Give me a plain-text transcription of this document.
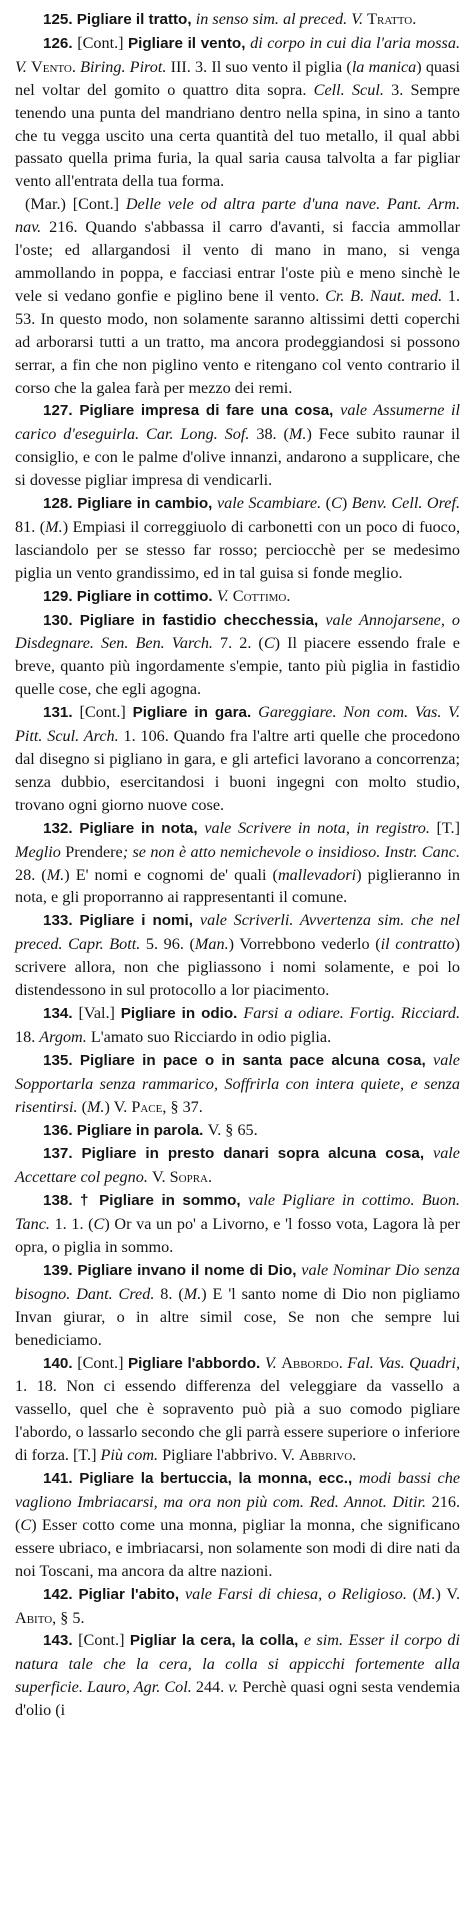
125. Pigliare il tratto, in senso sim. al preced. V. Tratto.

126. [Cont.] Pigliare il vento, di corpo in cui dia l'aria mossa. V. Vento. Biring. Pirot. III. 3. Il suo vento il piglia (la manica) quasi nel voltar del gomito o quattro dita sopra. Cell. Scul. 3. Sempre tenendo una punta del mandriano dentro nella spina, in sino a tanto che tu vegga uscito una certa quantità del tuo metallo, il qual abbi passato quella prima furia, la qual saria causa talvolta a far pigliar vento all'entrata della tua forma.

(Mar.) [Cont.] Delle vele od altra parte d'una nave. Pant. Arm. nav. 216. Quando s'abbassa il carro d'avanti, si faccia ammollar l'oste; ed allargandosi il vento di mano in mano, si venga ammollando in poppa, e facciasi entrar l'oste più e meno sinchè le vele si vedano gonfie e piglino bene il vento. Cr. B. Naut. med. 1. 53. In questo modo, non solamente saranno altissimi detti coperchi ad arborarsi tutti a un tratto, ma ancora prodeggiandosi si possono serrar, a fin che non piglino vento e ritengano col vento contrario il corso che la galea farà per mezzo dei remi.

127. Pigliare impresa di fare una cosa, vale Assumerne il carico d'eseguirla. Car. Long. Sof. 38. (M.) Fece subito raunar il consiglio, e con le palme d'olive innanzi, andarono a supplicare, che si dovesse pigliar impresa di vendicarli.

128. Pigliare in cambio, vale Scambiare. (C) Benv. Cell. Oref. 81. (M.) Empiasi il correggiuolo di carbonetti con un poco di fuoco, lasciandolo per se stesso far rosso; perciocchè per se medesimo piglia un vento grandissimo, ed in tal guisa si fonde meglio.

129. Pigliare in cottimo. V. Cottimo.

130. Pigliare in fastidio checchessia, vale Annojarsene, o Disdegnare. Sen. Ben. Varch. 7. 2. (C) Il piacere essendo frale e breve, quanto più ingordamente s'empie, tanto più piglia in fastidio quelle cose, che egli agogna.

131. [Cont.] Pigliare in gara. Gareggiare. Non com. Vas. V. Pitt. Scul. Arch. 1. 106. Quando fra l'altre arti quelle che procedono dal disegno si pigliano in gara, e gli artefici lavorano a concorrenza; senza dubbio, esercitandosi i buoni ingegni con molto studio, trovano ogni giorno nuove cose.

132. Pigliare in nota, vale Scrivere in nota, in registro. [T.] Meglio Prendere; se non è atto nemichevole o insidioso. Instr. Canc. 28. (M.) E' nomi e cognomi de' quali (mallevadori) piglieranno in nota, e gli proporranno ai rappresentanti il comune.

133. Pigliare i nomi, vale Scriverli. Avvertenza sim. che nel preced. Capr. Bott. 5. 96. (Man.) Vorrebbono vederlo (il contratto) scrivere allora, non che pigliassono i nomi solamente, e poi lo distendessono in sul protocollo a lor piacimento.

134. [Val.] Pigliare in odio. Farsi a odiare. Fortig. Ricciard. 18. Argom. L'amato suo Ricciardo in odio piglia.

135. Pigliare in pace o in santa pace alcuna cosa, vale Sopportarla senza rammarico, Soffrirla con intera quiete, e senza risentirsi. (M.) V. Pace, § 37.

136. Pigliare in parola. V. § 65.

137. Pigliare in presto danari sopra alcuna cosa, vale Accettare col pegno. V. Sopra.

138. † Pigliare in sommo, vale Pigliare in cottimo. Buon. Tanc. 1. 1. (C) Or va un po' a Livorno, e 'l fosso vota, Lagora là per opra, o piglia in sommo.

139. Pigliare invano il nome di Dio, vale Nominar Dio senza bisogno. Dant. Cred. 8. (M.) E 'l santo nome di Dio non pigliamo Invan giurar, o in altre simil cose, Se non che sempre lui benediciamo.

140. [Cont.] Pigliare l'abbordo. V. Abbordo. Fal. Vas. Quadri, 1. 18. Non ci essendo differenza del veleggiare da vassello a vassello, quel che è sopravento può pià a suo comodo pigliare l'abordo, o lassarlo secondo che gli parrà essere superiore o inferiore di forza. [T.] Più com. Pigliare l'abbrivo. V. Abbrivo.

141. Pigliare la bertuccia, la monna, ecc., modi bassi che vagliono Imbriacarsi, ma ora non più com. Red. Annot. Ditir. 216. (C) Esser cotto come una monna, pigliar la monna, che significano essere ubriaco, e imbriacarsi, non solamente son modi di dire nati da noi Toscani, ma ancora da altre nazioni.

142. Pigliar l'abito, vale Farsi di chiesa, o Religioso. (M.) V. Abito, § 5.

143. [Cont.] Pigliar la cera, la colla, e sim. Esser il corpo di natura tale che la cera, la colla si appicchi fortemente alla superficie. Lauro, Agr. Col. 244. v. Perchè quasi ogni sesta vendemia d'olio (i
